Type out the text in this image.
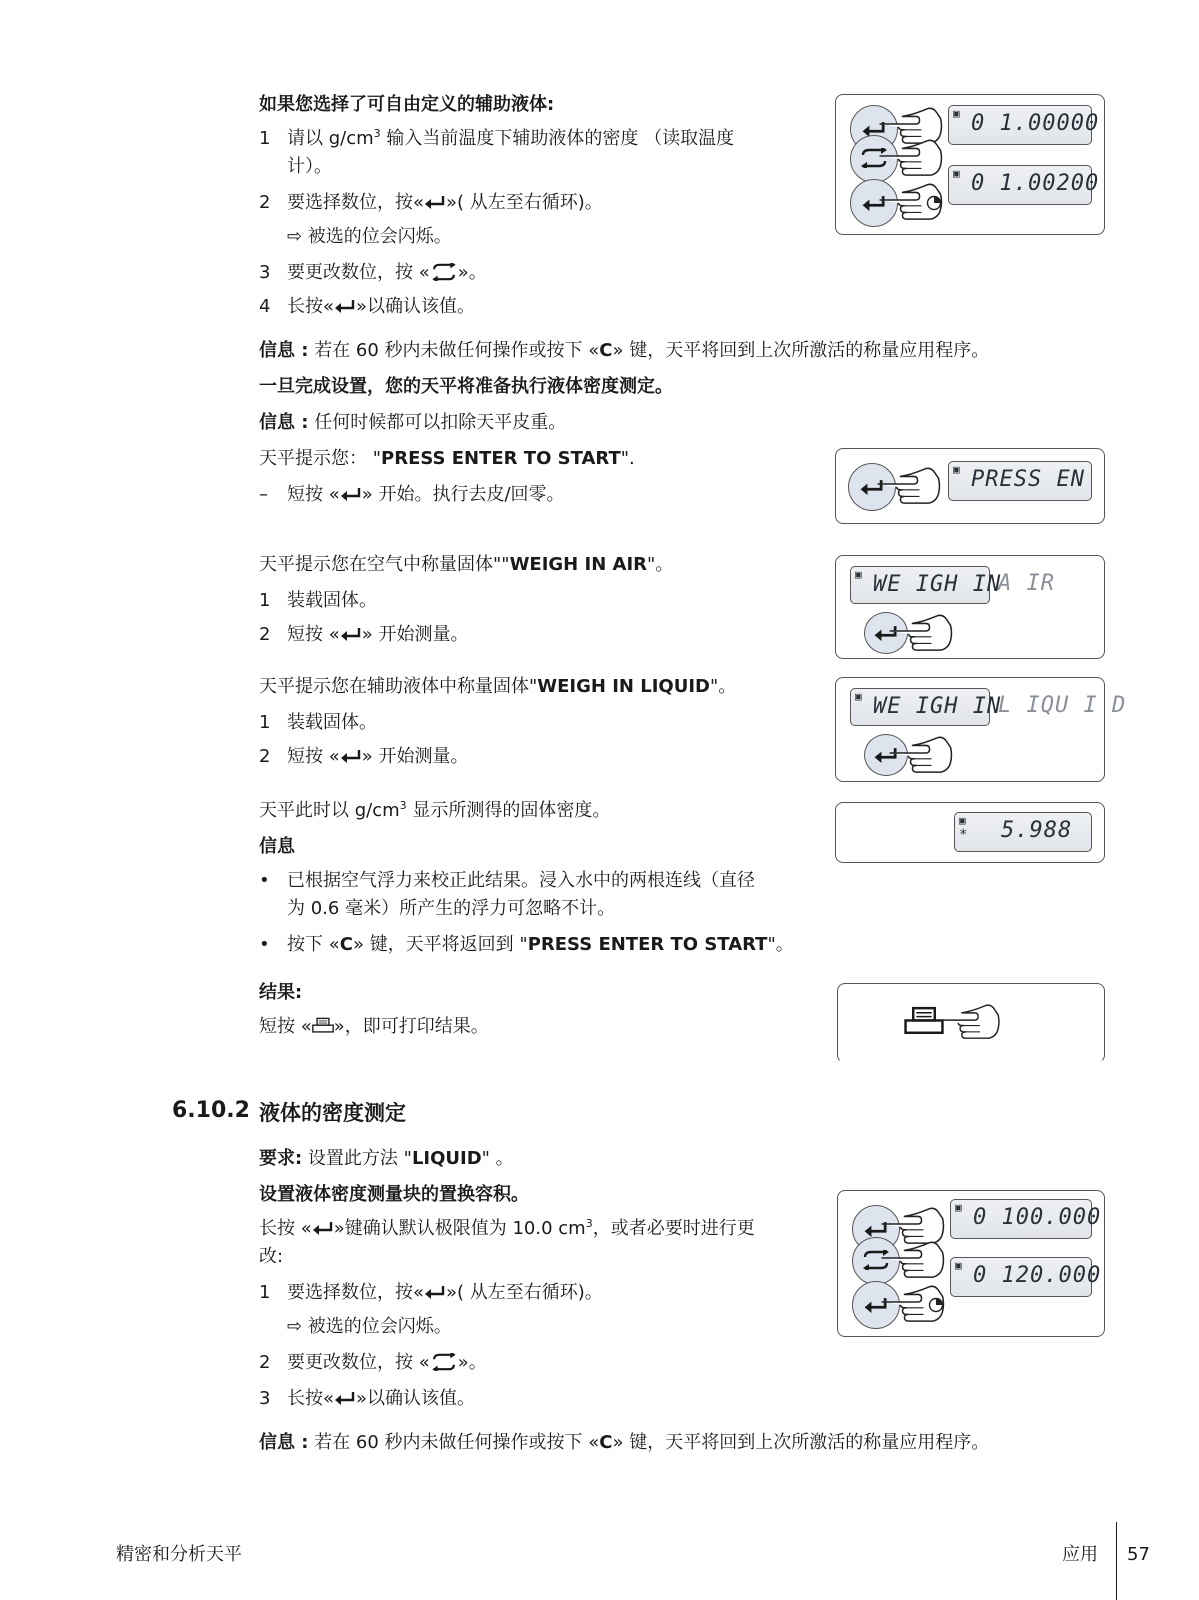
如果您选择了可自由定义的辅助液体:
1 请以 $g/cm^3$ 输入当前温度下辅助液体的密度 （读取温度
计）。
2 要选择数位，按« »( 从左至右循环)。
⇨ 被选的位会闪烁。
3 要更改数位，按 « »。
4 长按« »以确认该值。
信息 : 若在 60 秒内未做任何操作或按下 «C» 键，天平将回到上次所激活的称量应用程序。
一旦完成设置，您的天平将准备执行液体密度测定。
信息 : 任何时候都可以扣除天平皮重。
▣ 0 1.00000
▣ 0 1.00200
天平提示您： "PRESS ENTER TO START".
– 短按 « » 开始。执行去皮/回零。
▣ PRESS EN
天平提示您在空气中称量固体""WEIGH IN AIR"。
1 装载固体。
2 短按 « » 开始测量。
▣ WE IGH IN
A IR
天平提示您在辅助液体中称量固体"WEIGH IN LIQUID"。
1 装载固体。
2 短按 « » 开始测量。
▣ WE IGH IN
L IQU I D
天平此时以 $g/cm^3$ 显示所测得的固体密度。
信息
• 已根据空气浮力来校正此结果。浸入水中的两根连线（直径
为 0.6 毫米）所产生的浮力可忽略不计。
• 按下 «C» 键，天平将返回到 "PRESS ENTER TO START"。
▣
* 5.988
结果:
短按 « »，即可打印结果。
6.10.2 液体的密度测定
要求: 设置此方法 "LIQUID" 。
设置液体密度测量块的置换容积。
长按 « »键确认默认极限值为 10.0 $cm^3$，或者必要时进行更
改:
1 要选择数位，按« »( 从左至右循环)。
⇨ 被选的位会闪烁。
2 要更改数位，按 « »。
3 长按« »以确认该值。
信息 : 若在 60 秒内未做任何操作或按下 «C» 键，天平将回到上次所激活的称量应用程序。
▣ 0 100.000
▣ 0 120.000
精密和分析天平	应用 57
